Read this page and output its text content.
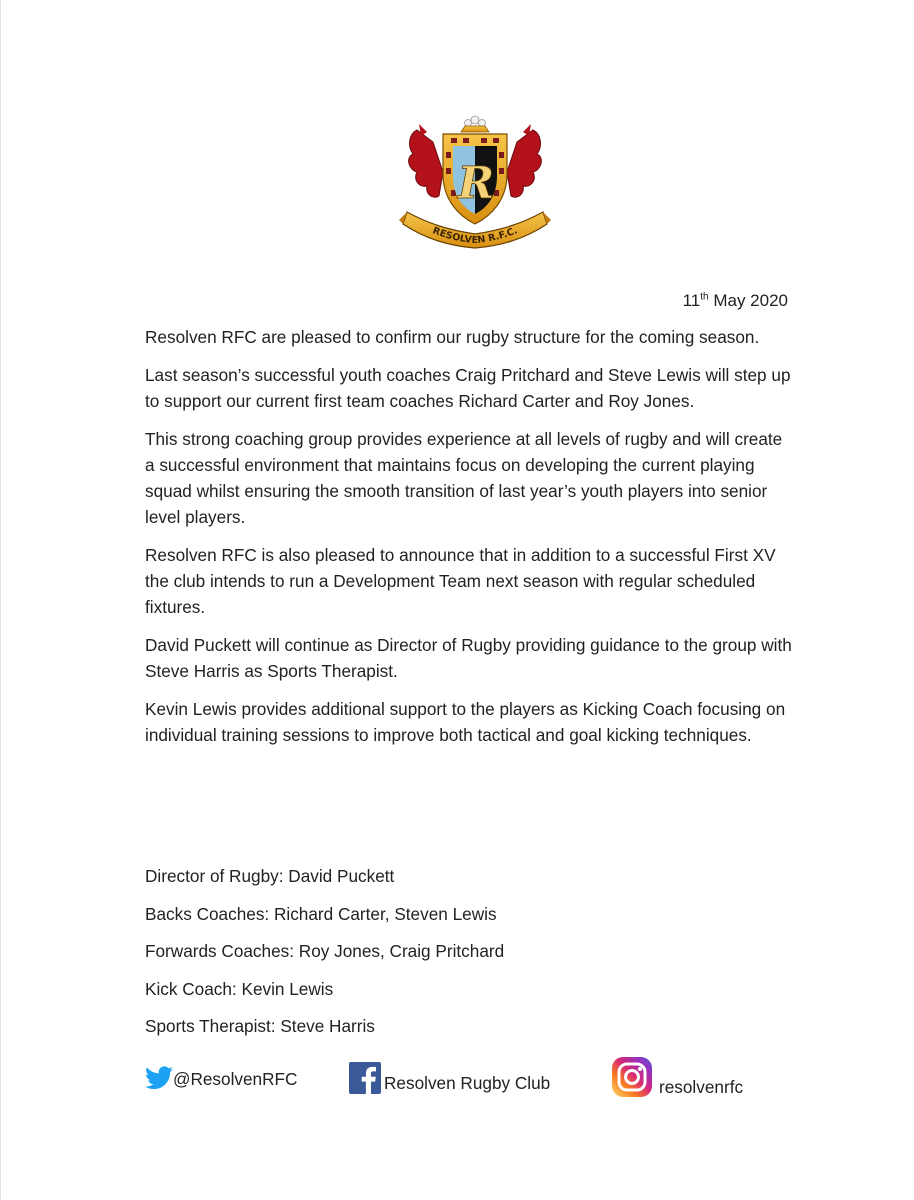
R
RESOLVEN R.F.C.
11th May 2020

Resolven RFC are pleased to confirm our rugby structure for the coming season.

Last season’s successful youth coaches Craig Pritchard and Steve Lewis will step up to support our current first team coaches Richard Carter and Roy Jones.

This strong coaching group provides experience at all levels of rugby and will create a successful environment that maintains focus on developing the current playing squad whilst ensuring the smooth transition of last year’s youth players into senior level players.

Resolven RFC is also pleased to announce that in addition to a successful First XV the club intends to run a Development Team next season with regular scheduled fixtures.

David Puckett will continue as Director of Rugby providing guidance to the group with Steve Harris as Sports Therapist.

Kevin Lewis provides additional support to the players as Kicking Coach focusing on individual training sessions to improve both tactical and goal kicking techniques.

Director of Rugby: David Puckett
Backs Coaches: Richard Carter, Steven Lewis
Forwards Coaches: Roy Jones, Craig Pritchard
Kick Coach: Kevin Lewis
Sports Therapist: Steve Harris
@ResolvenRFC	Resolven Rugby Club	resolvenrfc
